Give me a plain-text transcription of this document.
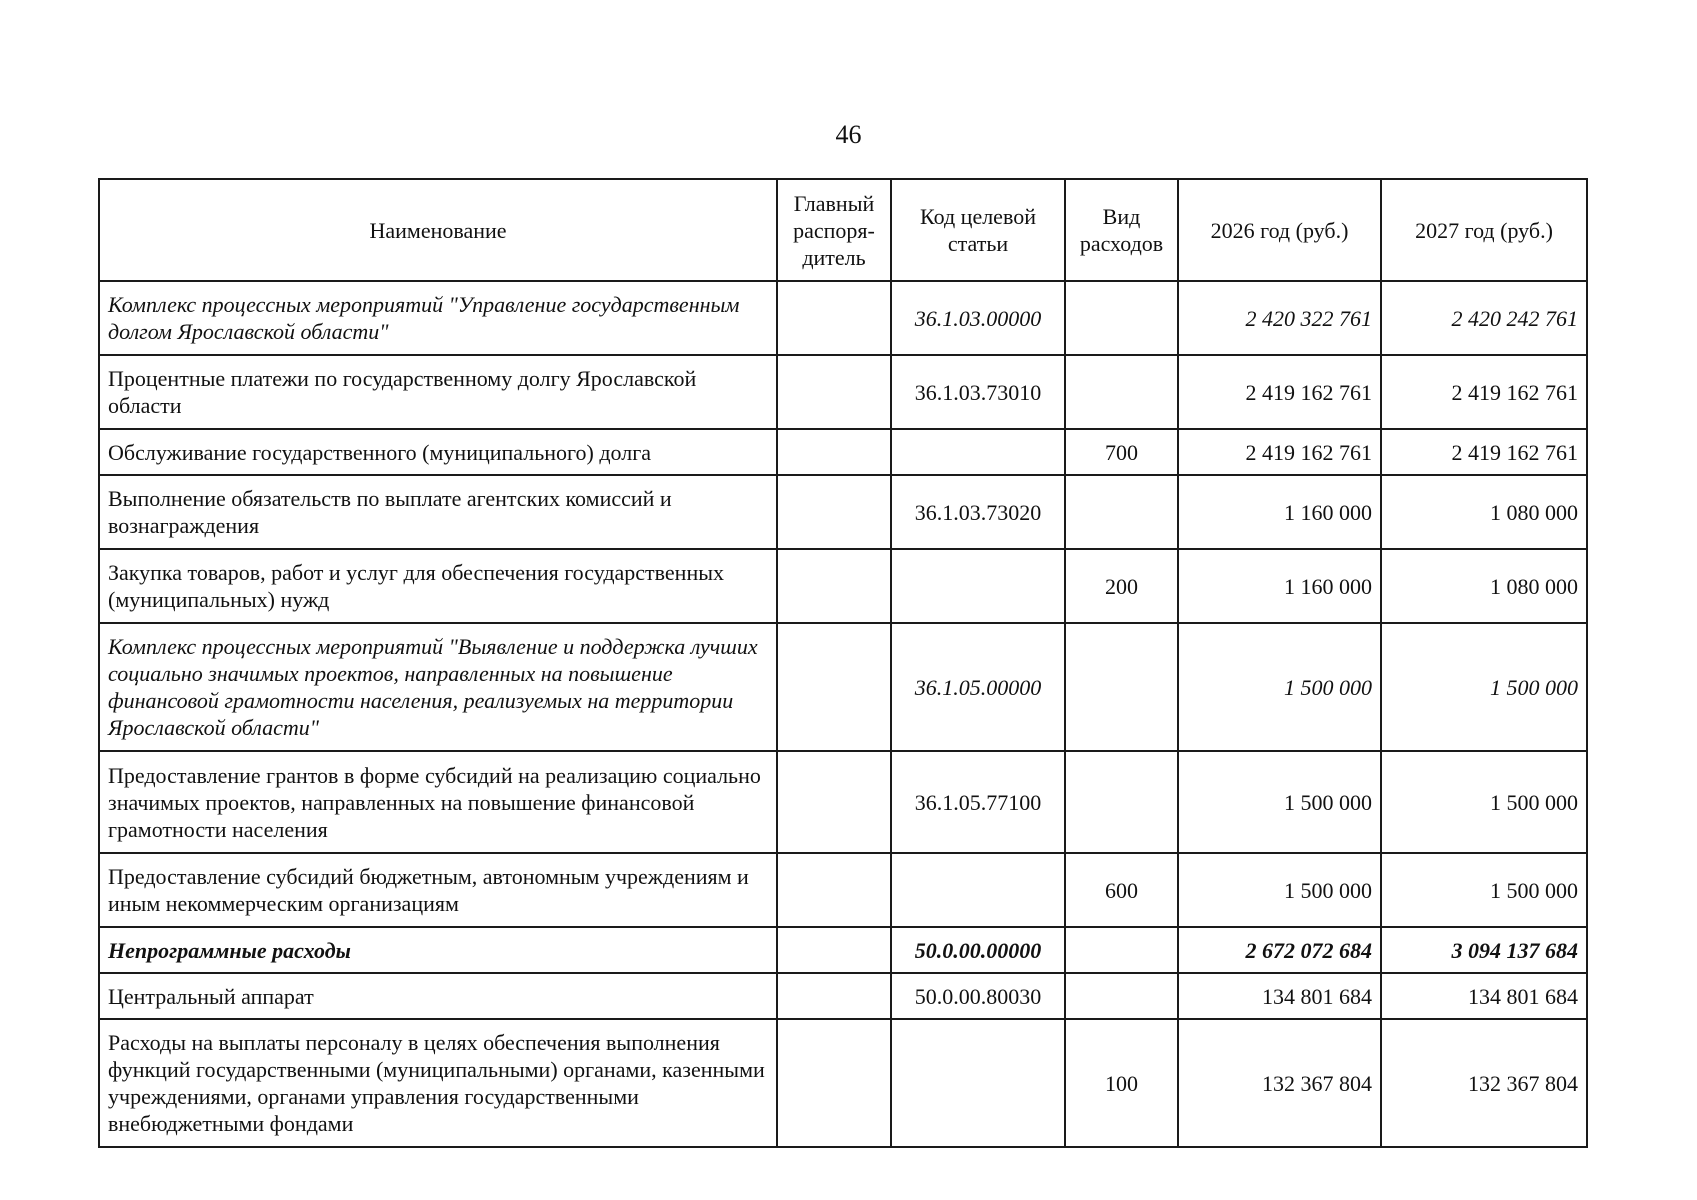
46
Наименование	Главный распоря-дитель	Код целевой статьи	Вид расходов	2026 год (руб.)	2027 год (руб.)
Комплекс процессных мероприятий "Управление государственным долгом Ярославской области"		36.1.03.00000		2 420 322 761	2 420 242 761
Процентные платежи по государственному долгу Ярославской области		36.1.03.73010		2 419 162 761	2 419 162 761
Обслуживание государственного (муниципального) долга			700	2 419 162 761	2 419 162 761
Выполнение обязательств по выплате агентских комиссий и вознаграждения		36.1.03.73020		1 160 000	1 080 000
Закупка товаров, работ и услуг для обеспечения государственных (муниципальных) нужд			200	1 160 000	1 080 000
Комплекс процессных мероприятий "Выявление и поддержка лучших социально значимых проектов, направленных на повышение финансовой грамотности населения, реализуемых на территории Ярославской области"		36.1.05.00000		1 500 000	1 500 000
Предоставление грантов в форме субсидий на реализацию социально значимых проектов, направленных на повышение финансовой грамотности населения		36.1.05.77100		1 500 000	1 500 000
Предоставление субсидий бюджетным, автономным учреждениям и иным некоммерческим организациям			600	1 500 000	1 500 000
Непрограммные расходы		50.0.00.00000		2 672 072 684	3 094 137 684
Центральный аппарат		50.0.00.80030		134 801 684	134 801 684
Расходы на выплаты персоналу в целях обеспечения выполнения функций государственными (муниципальными) органами, казенными учреждениями, органами управления государственными внебюджетными фондами			100	132 367 804	132 367 804
